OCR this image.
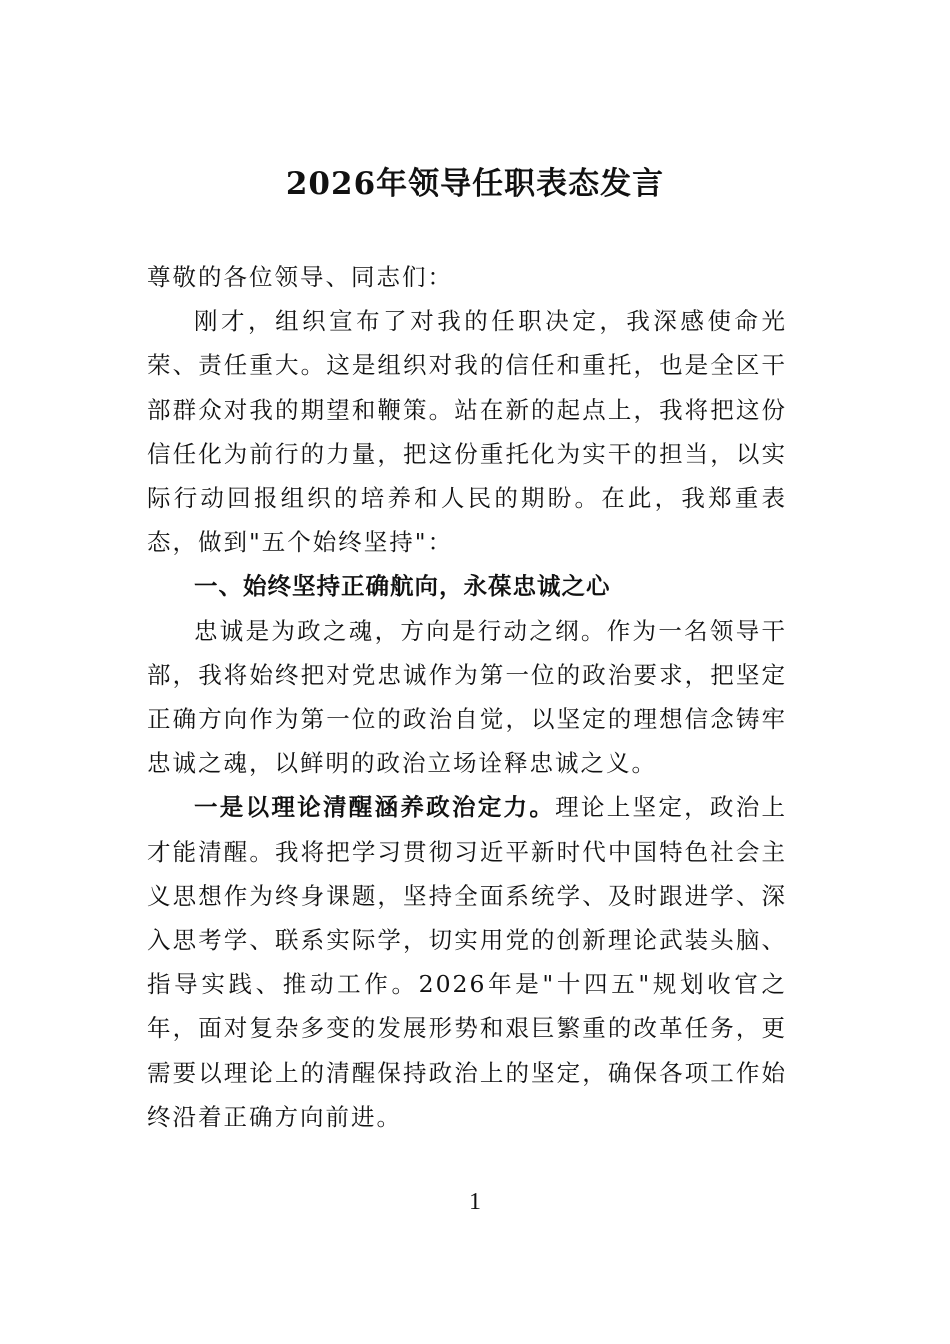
2026年领导任职表态发言

尊敬的各位领导、同志们：

刚才，组织宣布了对我的任职决定，我深感使命光荣、责任重大。这是组织对我的信任和重托，也是全区干部群众对我的期望和鞭策。站在新的起点上，我将把这份信任化为前行的力量，把这份重托化为实干的担当，以实际行动回报组织的培养和人民的期盼。在此，我郑重表态，做到"五个始终坚持"：

一、始终坚持正确航向，永葆忠诚之心

忠诚是为政之魂，方向是行动之纲。作为一名领导干部，我将始终把对党忠诚作为第一位的政治要求，把坚定正确方向作为第一位的政治自觉，以坚定的理想信念铸牢忠诚之魂，以鲜明的政治立场诠释忠诚之义。

一是以理论清醒涵养政治定力。理论上坚定，政治上才能清醒。我将把学习贯彻习近平新时代中国特色社会主义思想作为终身课题，坚持全面系统学、及时跟进学、深入思考学、联系实际学，切实用党的创新理论武装头脑、指导实践、推动工作。2026年是"十四五"规划收官之年，面对复杂多变的发展形势和艰巨繁重的改革任务，更需要以理论上的清醒保持政治上的坚定，确保各项工作始终沿着正确方向前进。

1
